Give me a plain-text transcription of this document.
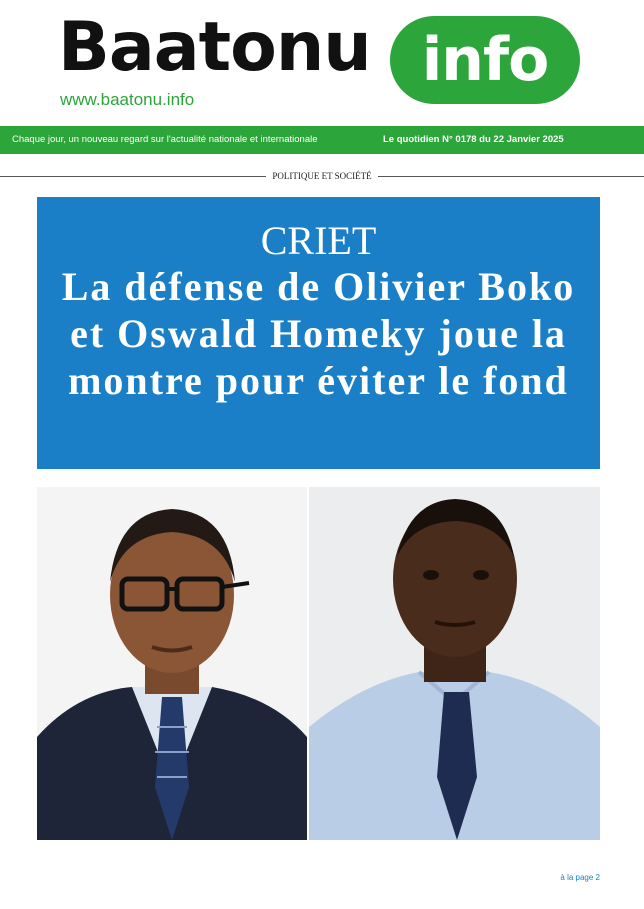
Baatonu info
www.baatonu.info
Chaque jour, un nouveau regard sur l'actualité nationale et internationale	Le quotidien N° 0178 du 22 Janvier 2025
POLITIQUE ET SOCIÉTÉ
CRIET
La défense de Olivier Boko et Oswald Homeky joue la montre pour éviter le fond
à la page 2
